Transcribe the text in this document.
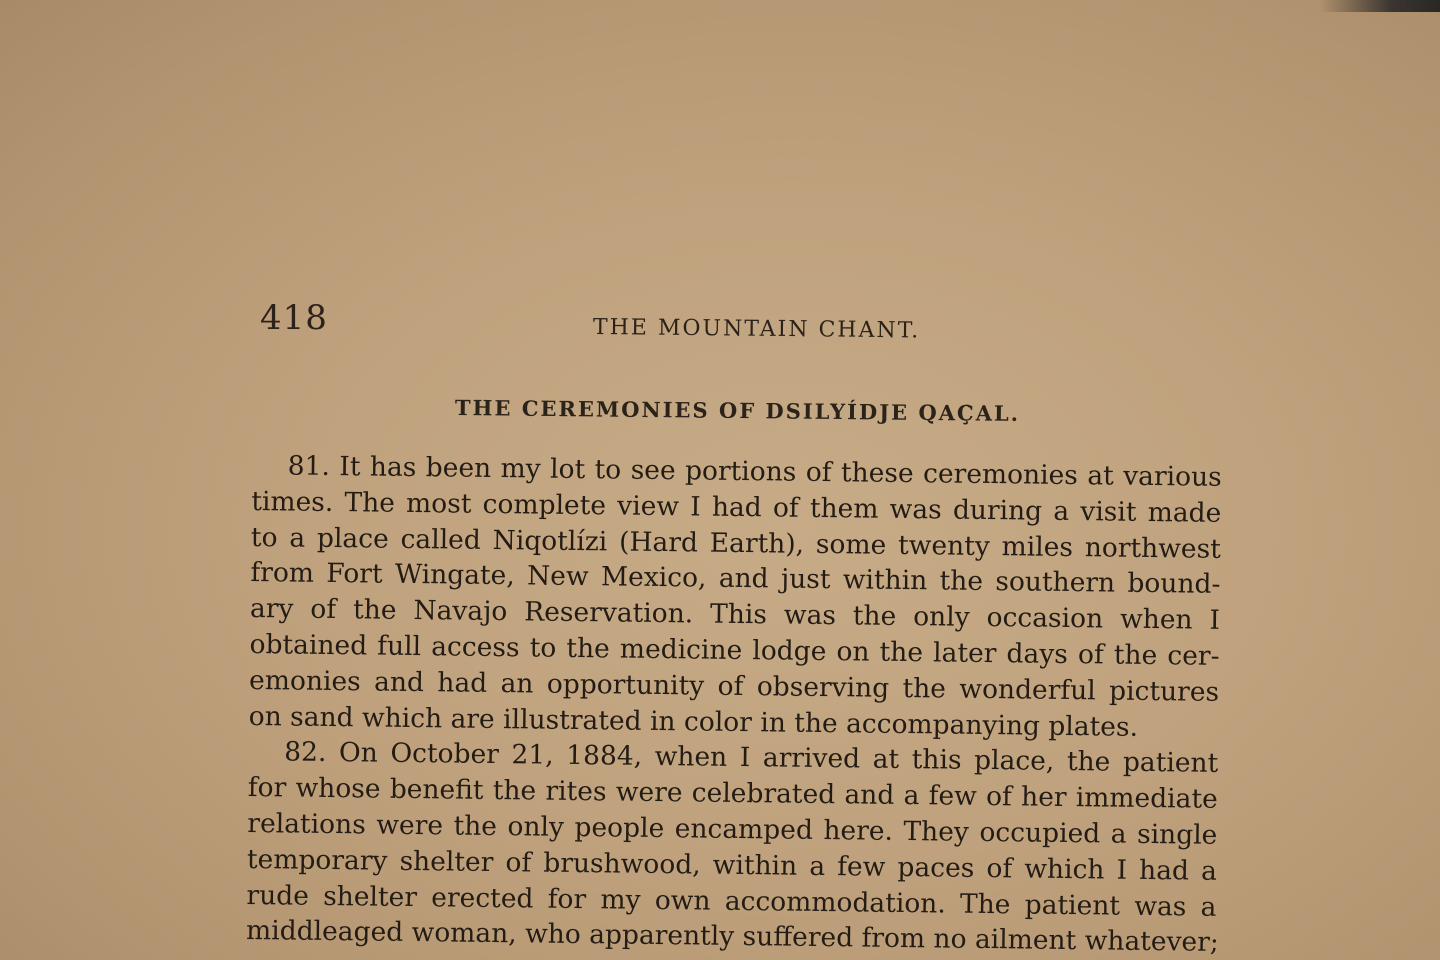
418	THE MOUNTAIN CHANT.
THE CEREMONIES OF DSILYÍDJE QAÇ̀AL.
81. It has been my lot to see portions of these ceremonies at various
times. The most complete view I had of them was during a visit made
to a place called Niqotlízi (Hard Earth), some twenty miles northwest
from Fort Wingate, New Mexico, and just within the southern bound-
ary of the Navajo Reservation. This was the only occasion when I
obtained full access to the medicine lodge on the later days of the cer-
emonies and had an opportunity of observing the wonderful pictures
on sand which are illustrated in color in the accompanying plates.
82. On October 21, 1884, when I arrived at this place, the patient
for whose benefit the rites were celebrated and a few of her immediate
relations were the only people encamped here. They occupied a single
temporary shelter of brushwood, within a few paces of which I had a
rude shelter erected for my own accommodation. The patient was a
middleaged woman, who apparently suffered from no ailment whatever;
